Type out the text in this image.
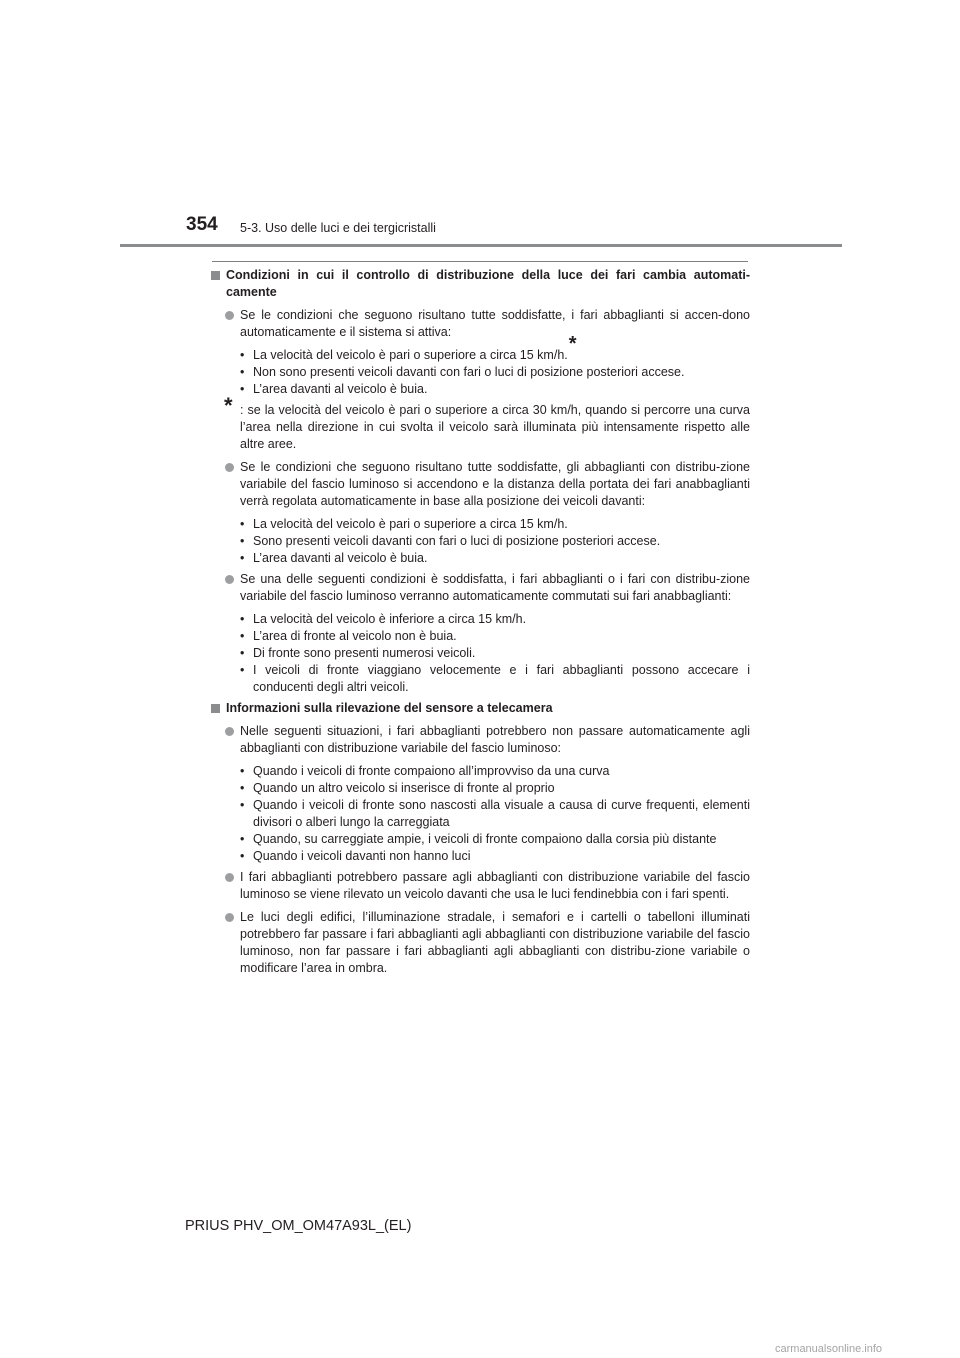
354 5-3. Uso delle luci e dei tergicristalli
Condizioni in cui il controllo di distribuzione della luce dei fari cambia automati-camente
Se le condizioni che seguono risultano tutte soddisfatte, i fari abbaglianti si accen-dono automaticamente e il sistema si attiva:
• La velocità del veicolo è pari o superiore a circa 15 km/h.*
• Non sono presenti veicoli davanti con fari o luci di posizione posteriori accese.
• L’area davanti al veicolo è buia.
* : se la velocità del veicolo è pari o superiore a circa 30 km/h, quando si percorre una curva l’area nella direzione in cui svolta il veicolo sarà illuminata più intensamente rispetto alle altre aree.
Se le condizioni che seguono risultano tutte soddisfatte, gli abbaglianti con distribu-zione variabile del fascio luminoso si accendono e la distanza della portata dei fari anabbaglianti verrà regolata automaticamente in base alla posizione dei veicoli davanti:
• La velocità del veicolo è pari o superiore a circa 15 km/h.
• Sono presenti veicoli davanti con fari o luci di posizione posteriori accese.
• L’area davanti al veicolo è buia.
Se una delle seguenti condizioni è soddisfatta, i fari abbaglianti o i fari con distribu-zione variabile del fascio luminoso verranno automaticamente commutati sui fari anabbaglianti:
• La velocità del veicolo è inferiore a circa 15 km/h.
• L’area di fronte al veicolo non è buia.
• Di fronte sono presenti numerosi veicoli.
• I veicoli di fronte viaggiano velocemente e i fari abbaglianti possono accecare i conducenti degli altri veicoli.
Informazioni sulla rilevazione del sensore a telecamera
Nelle seguenti situazioni, i fari abbaglianti potrebbero non passare automaticamente agli abbaglianti con distribuzione variabile del fascio luminoso:
• Quando i veicoli di fronte compaiono all’improvviso da una curva
• Quando un altro veicolo si inserisce di fronte al proprio
• Quando i veicoli di fronte sono nascosti alla visuale a causa di curve frequenti, elementi divisori o alberi lungo la carreggiata
• Quando, su carreggiate ampie, i veicoli di fronte compaiono dalla corsia più distante
• Quando i veicoli davanti non hanno luci
I fari abbaglianti potrebbero passare agli abbaglianti con distribuzione variabile del fascio luminoso se viene rilevato un veicolo davanti che usa le luci fendinebbia con i fari spenti.
Le luci degli edifici, l’illuminazione stradale, i semafori e i cartelli o tabelloni illuminati potrebbero far passare i fari abbaglianti agli abbaglianti con distribuzione variabile del fascio luminoso, non far passare i fari abbaglianti agli abbaglianti con distribu-zione variabile o modificare l’area in ombra.
PRIUS PHV_OM_OM47A93L_(EL)
carmanualsonline.info
